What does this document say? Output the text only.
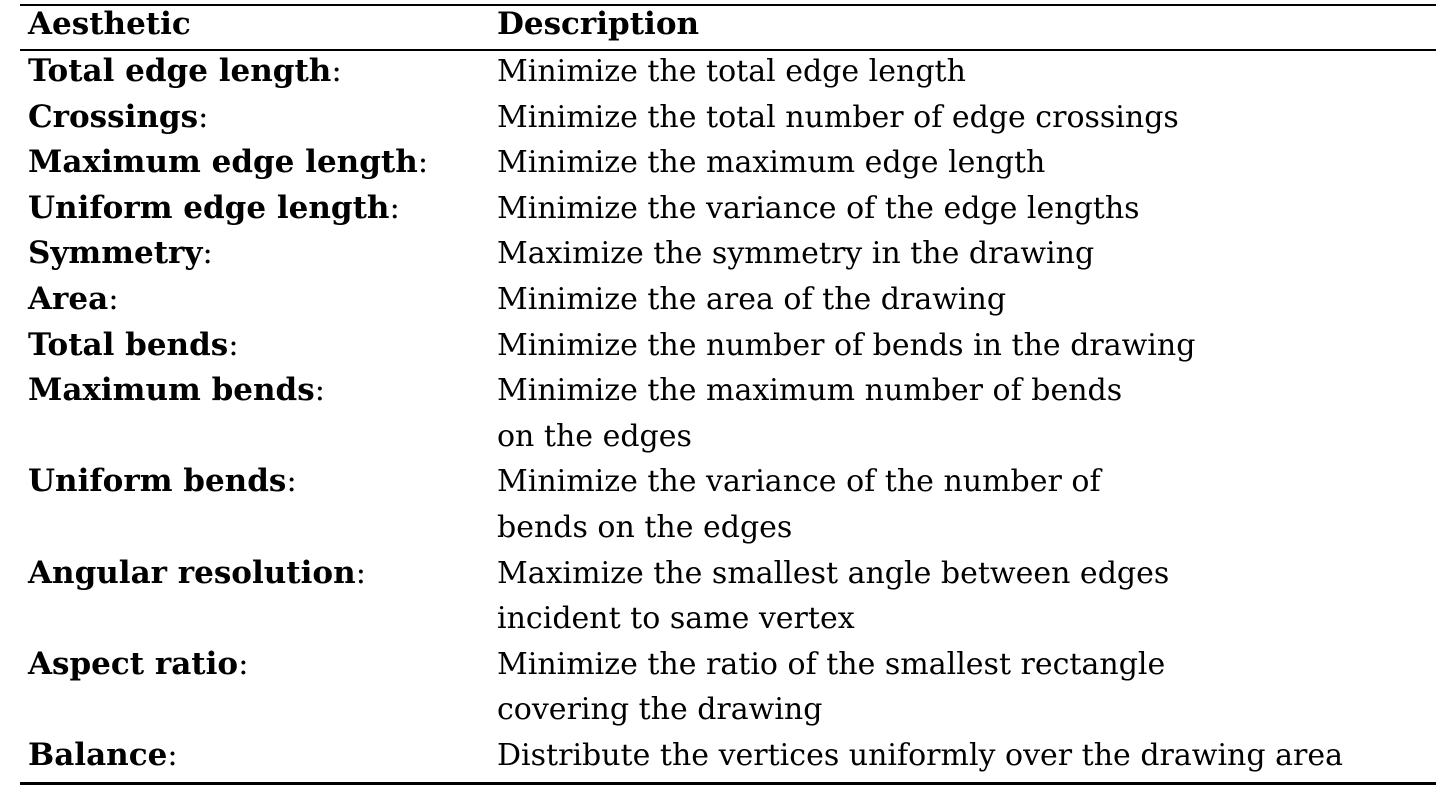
Aesthetic	Description
Total edge length:	Minimize the total edge length
Crossings:	Minimize the total number of edge crossings
Maximum edge length: Minimize the maximum edge length
Uniform edge length:	Minimize the variance of the edge lengths
Symmetry:	Maximize the symmetry in the drawing
Area:	Minimize the area of the drawing
Total bends:	Minimize the number of bends in the drawing
Maximum bends:	Minimize the maximum number of bends
on the edges
Uniform bends:	Minimize the variance of the number of
bends on the edges
Angular resolution:	Maximize the smallest angle between edges
incident to same vertex
Aspect ratio:	Minimize the ratio of the smallest rectangle
covering the drawing
Balance:	Distribute the vertices uniformly over the drawing area
